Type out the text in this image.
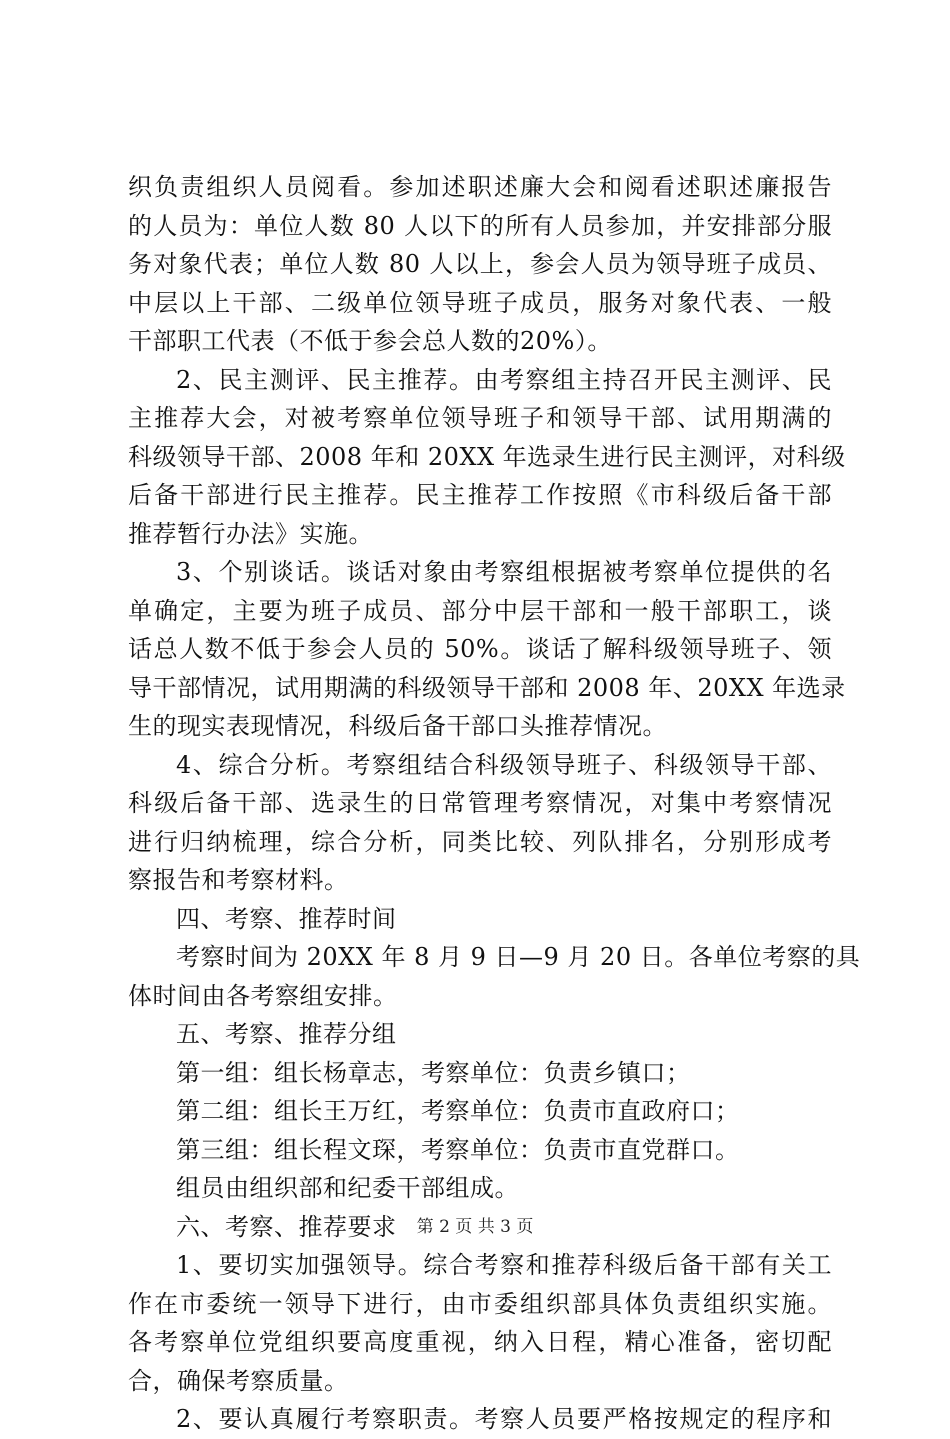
织负责组织人员阅看。参加述职述廉大会和阅看述职述廉报告
的人员为：单位人数 80 人以下的所有人员参加，并安排部分服
务对象代表；单位人数 80 人以上，参会人员为领导班子成员、
中层以上干部、二级单位领导班子成员，服务对象代表、一般
干部职工代表（不低于参会总人数的20%）。
2、民主测评、民主推荐。由考察组主持召开民主测评、民
主推荐大会，对被考察单位领导班子和领导干部、试用期满的
科级领导干部、2008 年和 20XX 年选录生进行民主测评，对科级
后备干部进行民主推荐。民主推荐工作按照《市科级后备干部
推荐暂行办法》实施。
3、个别谈话。谈话对象由考察组根据被考察单位提供的名
单确定，主要为班子成员、部分中层干部和一般干部职工，谈
话总人数不低于参会人员的 50%。谈话了解科级领导班子、领
导干部情况，试用期满的科级领导干部和 2008 年、20XX 年选录
生的现实表现情况，科级后备干部口头推荐情况。
4、综合分析。考察组结合科级领导班子、科级领导干部、
科级后备干部、选录生的日常管理考察情况，对集中考察情况
进行归纳梳理，综合分析，同类比较、列队排名，分别形成考
察报告和考察材料。
四、考察、推荐时间
考察时间为 20XX 年 8 月 9 日—9 月 20 日。各单位考察的具
体时间由各考察组安排。
五、考察、推荐分组
第一组：组长杨章志，考察单位：负责乡镇口；
第二组：组长王万红，考察单位：负责市直政府口；
第三组：组长程文琛，考察单位：负责市直党群口。
组员由组织部和纪委干部组成。
六、考察、推荐要求
1、要切实加强领导。综合考察和推荐科级后备干部有关工
作在市委统一领导下进行，由市委组织部具体负责组织实施。
各考察单位党组织要高度重视，纳入日程，精心准备，密切配
合，确保考察质量。
2、要认真履行考察职责。考察人员要严格按规定的程序和
第 2 页 共 3 页
